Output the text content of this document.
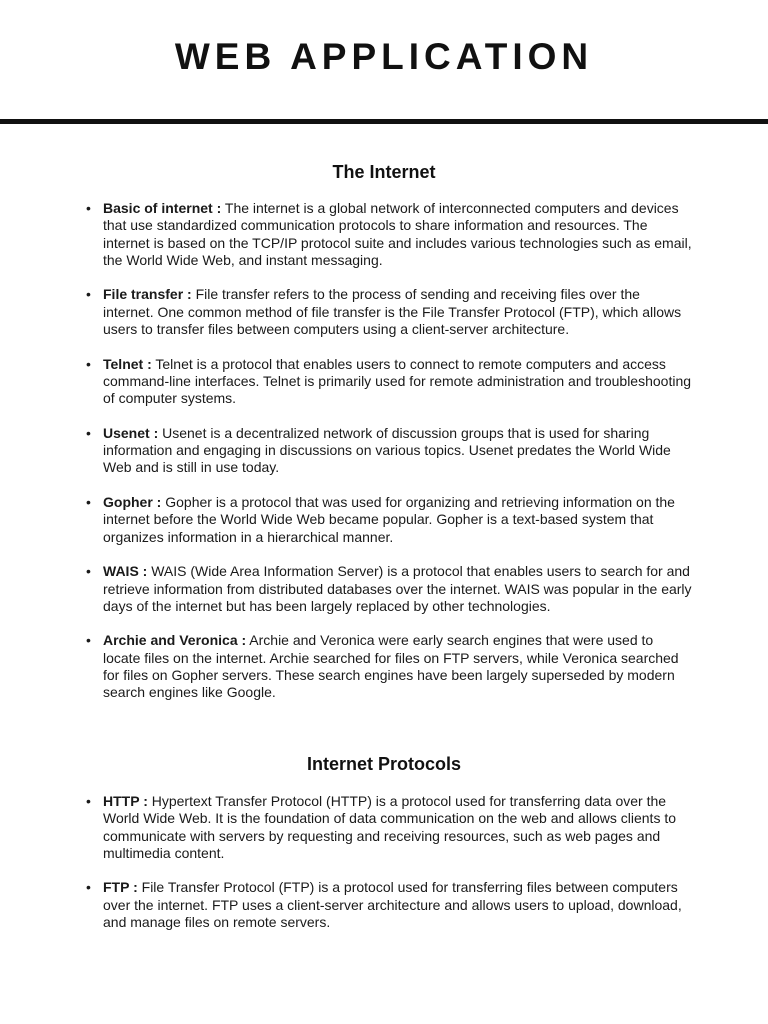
WEB APPLICATION
The Internet
• Basic of internet : The internet is a global network of interconnected computers and devices that use standardized communication protocols to share information and resources. The internet is based on the TCP/IP protocol suite and includes various technologies such as email, the World Wide Web, and instant messaging.
• File transfer : File transfer refers to the process of sending and receiving files over the internet. One common method of file transfer is the File Transfer Protocol (FTP), which allows users to transfer files between computers using a client-server architecture.
• Telnet : Telnet is a protocol that enables users to connect to remote computers and access command-line interfaces. Telnet is primarily used for remote administration and troubleshooting of computer systems.
• Usenet : Usenet is a decentralized network of discussion groups that is used for sharing information and engaging in discussions on various topics. Usenet predates the World Wide Web and is still in use today.
• Gopher : Gopher is a protocol that was used for organizing and retrieving information on the internet before the World Wide Web became popular. Gopher is a text-based system that organizes information in a hierarchical manner.
• WAIS : WAIS (Wide Area Information Server) is a protocol that enables users to search for and retrieve information from distributed databases over the internet. WAIS was popular in the early days of the internet but has been largely replaced by other technologies.
• Archie and Veronica : Archie and Veronica were early search engines that were used to locate files on the internet. Archie searched for files on FTP servers, while Veronica searched for files on Gopher servers. These search engines have been largely superseded by modern search engines like Google.
Internet Protocols
• HTTP : Hypertext Transfer Protocol (HTTP) is a protocol used for transferring data over the World Wide Web. It is the foundation of data communication on the web and allows clients to communicate with servers by requesting and receiving resources, such as web pages and multimedia content.
• FTP : File Transfer Protocol (FTP) is a protocol used for transferring files between computers over the internet. FTP uses a client-server architecture and allows users to upload, download, and manage files on remote servers.
